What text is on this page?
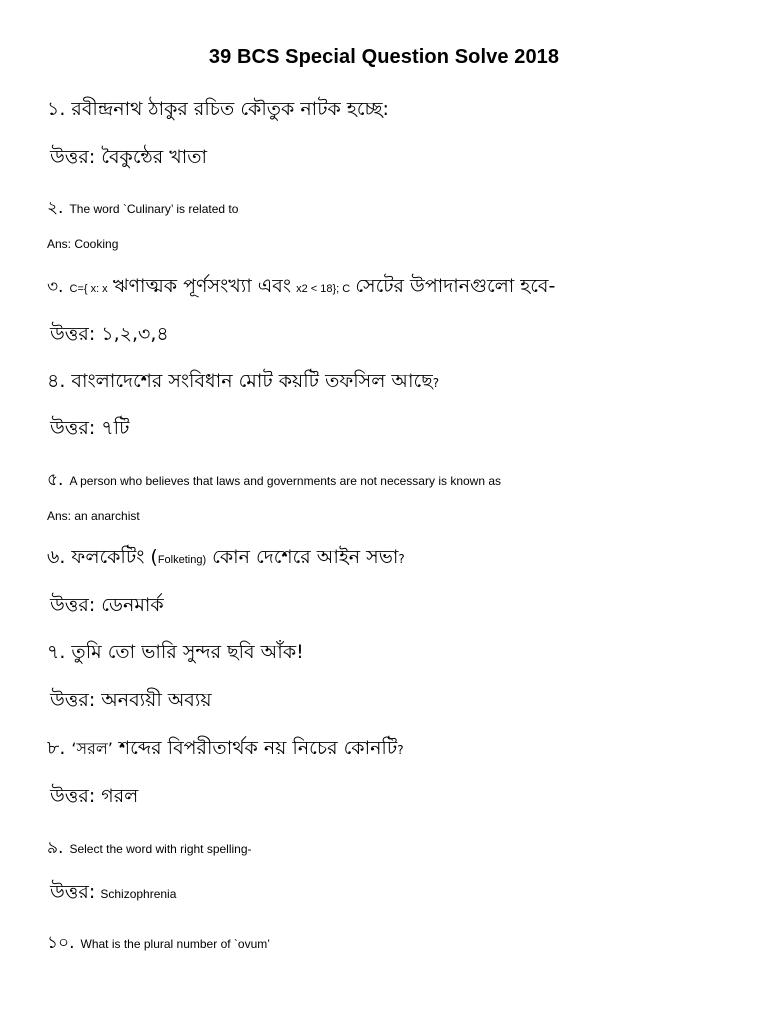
39 BCS Special Question Solve 2018
১. রবীন্দ্রনাথ ঠাকুর রচিত কৌতুক নাটক হচ্ছে:
উত্তর: বৈকুন্ঠের খাতা
২. The word `Culinary’ is related to
Ans: Cooking
৩. C={ x: x ঋণাত্মক পূর্ণসংখ্যা এবং x2 < 18}; C সেটের উপাদানগুলো হবে-
উত্তর: ১,২,৩,৪
৪. বাংলাদেশের সংবিধান মোট কয়টি তফসিল আছে?
উত্তর: ৭টি
৫. A person who believes that laws and governments are not necessary is known as
Ans: an anarchist
৬. ফলকেটিং (Folketing) কোন দেশেরে আইন সভা?
উত্তর: ডেনমার্ক
৭. তুমি তো ভারি সুন্দর ছবি আঁক!
উত্তর: অনব্যয়ী অব্যয়
৮. ‘সরল’ শব্দের বিপরীতার্থক নয় নিচের কোনটি?
উত্তর: গরল
৯. Select the word with right spelling-
উত্তর: Schizophrenia
১০. What is the plural number of `ovum’
